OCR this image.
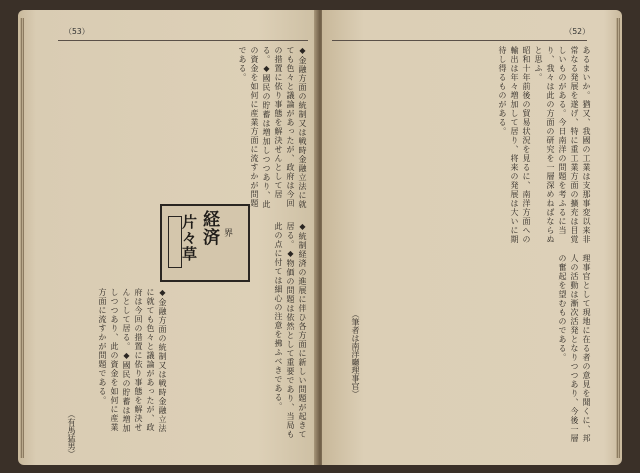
（53）

◆金融方面の統制又は戦時金融立法に就ても色々と議論があったが、政府は今回の措置に依り事態を解決せんとして居る。◆國民の貯蓄は増加しつつあり、此の資金を如何に産業方面に流すかが問題である。

経済 界
片々草	◆統制経済の進展に伴ひ各方面に新しい問題が起きて居る。◆物価の問題は依然として重要であり、当局も此の点に付ては細心の注意を拂ふべきである。

◆金融方面の統制又は戦時金融立法に就ても色々と議論があったが、政府は今回の措置に依り事態を解決せんとして居る。◆國民の貯蓄は増加しつつあり、此の資金を如何に産業方面に流すかが問題である。

（有馬猛男）
（52）

あるまいか。猶又、我國の工業は支那事変以来非常なる発展を遂げ、特に重工業方面の擴充は目覚しいものがある。今日南洋の問題を考ふるに当り、我々は此の方面の研究を一層深めねばならぬと思ふ。

昭和十年前後の貿易状況を見るに、南洋方面への輸出は年々増加して居り、将来の発展は大いに期待し得るものがある。

理事官として現地に在る者の意見を聞くに、邦人の活動は漸次活発となりつつあり、今後一層の奮起を望むものである。

（筆者は南洋廳理事官）
